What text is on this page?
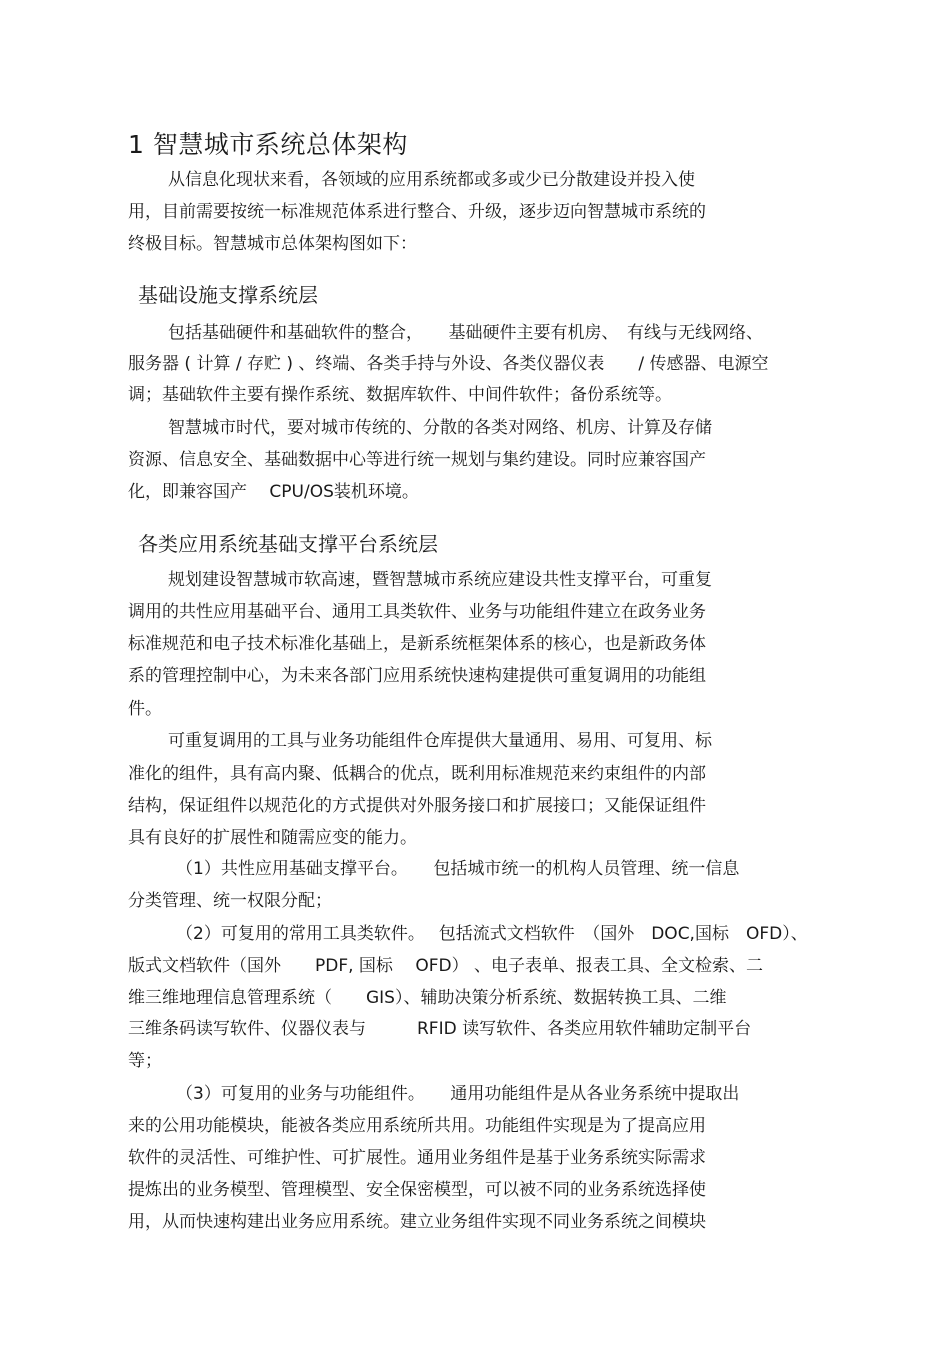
1 智慧城市系统总体架构
从信息化现状来看，各领域的应用系统都或多或少已分散建设并投入使
用，目前需要按统一标准规范体系进行整合、升级，逐步迈向智慧城市系统的
终极目标。智慧城市总体架构图如下：
基础设施支撑系统层
包括基础硬件和基础软件的整合，　　基础硬件主要有机房、　有线与无线网络、
服务器 ( 计算 / 存贮 ) 、终端、各类手持与外设、各类仪器仪表　　/ 传感器、电源空
调；基础软件主要有操作系统、数据库软件、中间件软件；备份系统等。
智慧城市时代，要对城市传统的、分散的各类对网络、机房、计算及存储
资源、信息安全、基础数据中心等进行统一规划与集约建设。同时应兼容国产
化，即兼容国产　 CPU/OS装机环境。
各类应用系统基础支撑平台系统层
规划建设智慧城市软高速，暨智慧城市系统应建设共性支撑平台，可重复
调用的共性应用基础平台、通用工具类软件、业务与功能组件建立在政务业务
标准规范和电子技术标准化基础上，是新系统框架体系的核心，也是新政务体
系的管理控制中心，为未来各部门应用系统快速构建提供可重复调用的功能组
件。
可重复调用的工具与业务功能组件仓库提供大量通用、易用、可复用、标
准化的组件，具有高内聚、低耦合的优点，既利用标准规范来约束组件的内部
结构，保证组件以规范化的方式提供对外服务接口和扩展接口；又能保证组件
具有良好的扩展性和随需应变的能力。
（1）共性应用基础支撑平台。　　包括城市统一的机构人员管理、统一信息
分类管理、统一权限分配；
（2）可复用的常用工具类软件。　 包括流式文档软件　（国外　DOC,国标　OFD）、
版式文档软件（国外　　PDF, 国标　 OFD） 、电子表单、报表工具、全文检索、二
维三维地理信息管理系统（　　GIS）、辅助决策分析系统、数据转换工具、二维
三维条码读写软件、仪器仪表与　　　RFID 读写软件、各类应用软件辅助定制平台
等；
（3）可复用的业务与功能组件。　　通用功能组件是从各业务系统中提取出
来的公用功能模块，能被各类应用系统所共用。功能组件实现是为了提高应用
软件的灵活性、可维护性、可扩展性。通用业务组件是基于业务系统实际需求
提炼出的业务模型、管理模型、安全保密模型，可以被不同的业务系统选择使
用，从而快速构建出业务应用系统。建立业务组件实现不同业务系统之间模块
